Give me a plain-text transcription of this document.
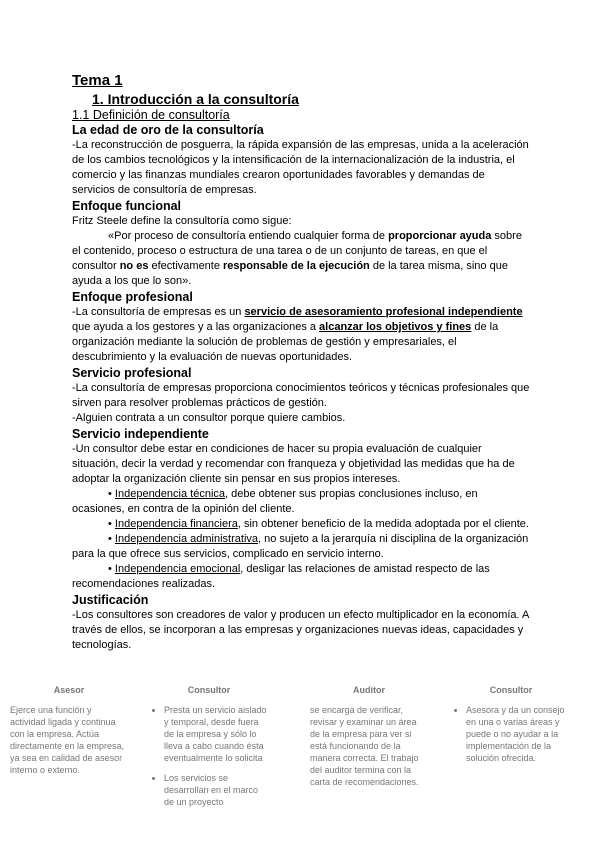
Tema 1
1. Introducción a la consultoría
1.1 Definición de consultoría
La edad de oro de la consultoría

-La reconstrucción de posguerra, la rápida expansión de las empresas, unida a la aceleración de los cambios tecnológicos y la intensificación de la internacionalización de la industria, el comercio y las finanzas mundiales crearon oportunidades favorables y demandas de servicios de consultoría de empresas.

Enfoque funcional

Fritz Steele define la consultoría como sigue:

«Por proceso de consultoría entiendo cualquier forma de proporcionar ayuda sobre el contenido, proceso o estructura de una tarea o de un conjunto de tareas, en que el consultor no es efectivamente responsable de la ejecución de la tarea misma, sino que ayuda a los que lo son».

Enfoque profesional

-La consultoría de empresas es un servicio de asesoramiento profesional independiente que ayuda a los gestores y a las organizaciones a alcanzar los objetivos y fines de la organización mediante la solución de problemas de gestión y empresariales, el descubrimiento y la evaluación de nuevas oportunidades.

Servicio profesional

-La consultoría de empresas proporciona conocimientos teóricos y técnicas profesionales que sirven para resolver problemas prácticos de gestión.

-Alguien contrata a un consultor porque quiere cambios.

Servicio independiente

-Un consultor debe estar en condiciones de hacer su propia evaluación de cualquier situación, decir la verdad y recomendar con franqueza y objetividad las medidas que ha de adoptar la organización cliente sin pensar en sus propios intereses.

• Independencia técnica, debe obtener sus propias conclusiones incluso, en ocasiones, en contra de la opinión del cliente.

• Independencia financiera, sin obtener beneficio de la medida adoptada por el cliente.

• Independencia administrativa, no sujeto a la jerarquía ni disciplina de la organización para la que ofrece sus servicios, complicado en servicio interno.

• Independencia emocional, desligar las relaciones de amistad respecto de las recomendaciones realizadas.

Justificación

-Los consultores son creadores de valor y producen un efecto multiplicador en la economía. A través de ellos, se incorporan a las empresas y organizaciones nuevas ideas, capacidades y tecnologías.

Asesor
Ejerce una función y actividad ligada y continua con la empresa. Actúa directamente en la empresa, ya sea en calidad de asesor interno o externo.
Consultor
• Presta un servicio aislado y temporal, desde fuera de la empresa y sólo lo lleva a cabo cuando ésta eventualmente lo solicita
• Los servicios se desarrollan en el marco de un proyecto
Auditor
se encarga de verificar, revisar y examinar un área de la empresa para ver si está funcionando de la manera correcta. El trabajo del auditor termina con la carta de recomendaciones.
Consultor
• Asesora y da un consejo en una o varias áreas y puede o no ayudar a la implementación de la solución ofrecida.
